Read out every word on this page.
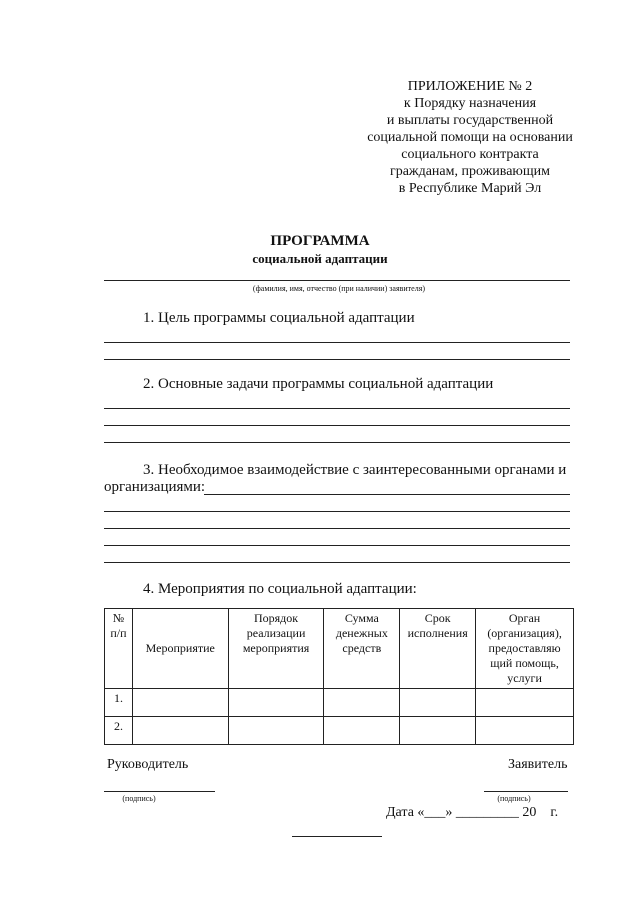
ПРИЛОЖЕНИЕ № 2
к Порядку назначения
и выплаты государственной
социальной помощи на основании
социального контракта
гражданам, проживающим
в Республике Марий Эл
ПРОГРАММА
социальной адаптации
(фамилия, имя, отчество (при наличии) заявителя)
1. Цель программы социальной адаптации
2. Основные задачи программы социальной адаптации
3. Необходимое взаимодействие с заинтересованными органами и
организациями:
4. Мероприятия по социальной адаптации:
№ п/п	Мероприятие	Порядок реализации мероприятия	Сумма денежных средств	Срок исполнения	Орган (организация), предоставляю щий помощь, услуги
1.					
2.					
Руководитель	Заявитель
(подпись)	(подпись)
Дата «___» _________ 20    г.
